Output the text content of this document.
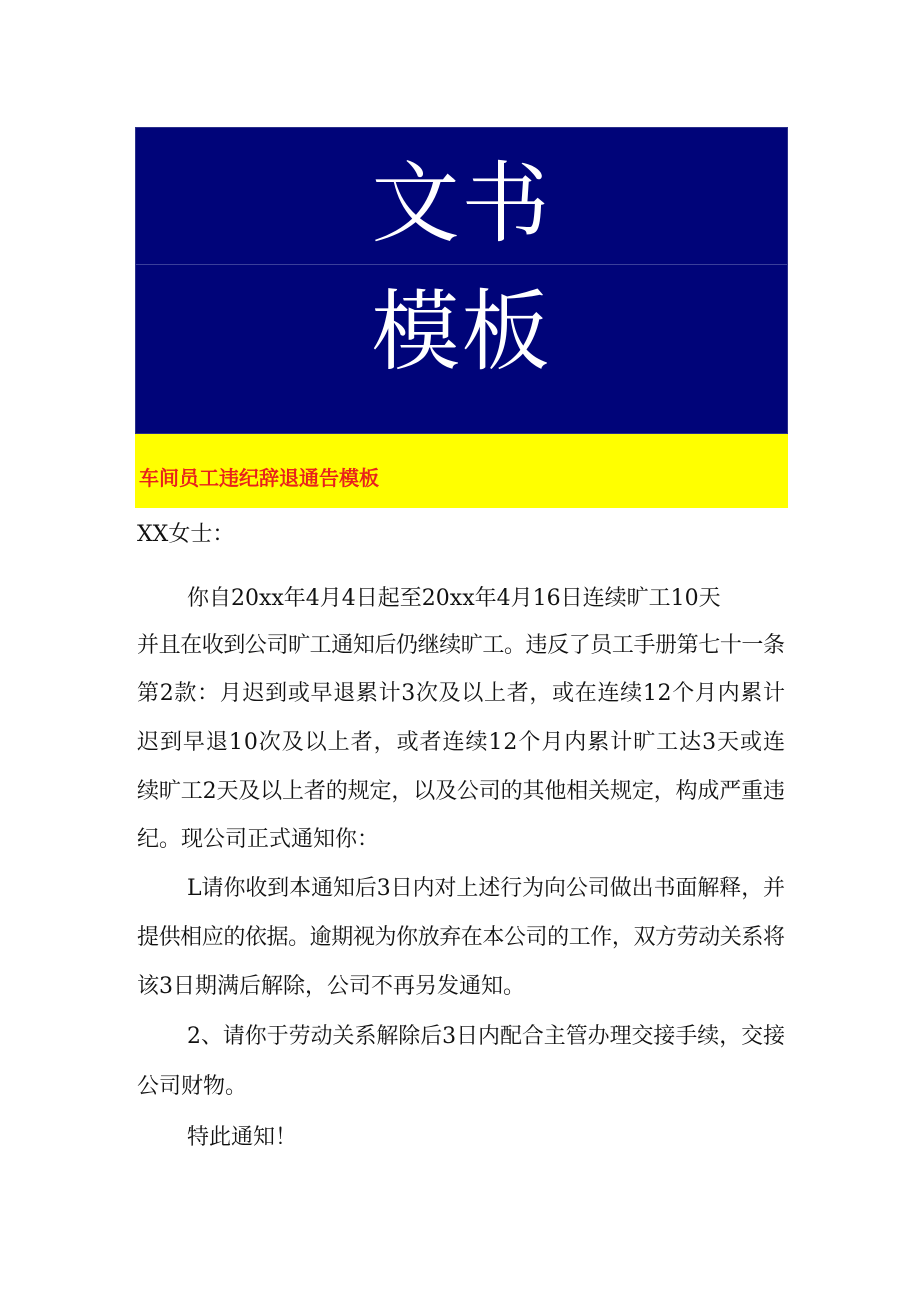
文书
模板
车间员工违纪辞退通告模板
XX女士：
你自20xx年4月4日起至20xx年4月16日连续旷工10天
并且在收到公司旷工通知后仍继续旷工。违反了员工手册第七十一条
第2款：月迟到或早退累计3次及以上者，或在连续12个月内累计
迟到早退10次及以上者，或者连续12个月内累计旷工达3天或连
续旷工2天及以上者的规定，以及公司的其他相关规定，构成严重违
纪。现公司正式通知你：
L请你收到本通知后3日内对上述行为向公司做出书面解释，并
提供相应的依据。逾期视为你放弃在本公司的工作，双方劳动关系将
该3日期满后解除，公司不再另发通知。
2、请你于劳动关系解除后3日内配合主管办理交接手续，交接
公司财物。
特此通知！
